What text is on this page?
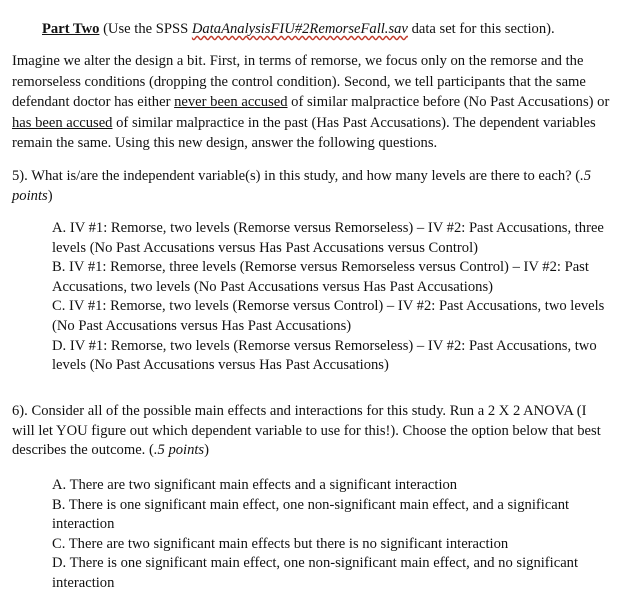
Part Two (Use the SPSS DataAnalysisFIU#2RemorseFall.sav data set for this section).
Imagine we alter the design a bit. First, in terms of remorse, we focus only on the remorse and the remorseless conditions (dropping the control condition). Second, we tell participants that the same defendant doctor has either never been accused of similar malpractice before (No Past Accusations) or has been accused of similar malpractice in the past (Has Past Accusations). The dependent variables remain the same. Using this new design, answer the following questions.
5). What is/are the independent variable(s) in this study, and how many levels are there to each? (.5 points)

A. IV #1: Remorse, two levels (Remorse versus Remorseless) – IV #2: Past Accusations, three levels (No Past Accusations versus Has Past Accusations versus Control)

B. IV #1: Remorse, three levels (Remorse versus Remorseless versus Control) – IV #2: Past Accusations, two levels (No Past Accusations versus Has Past Accusations)

C. IV #1: Remorse, two levels (Remorse versus Control) – IV #2: Past Accusations, two levels (No Past Accusations versus Has Past Accusations)

D. IV #1: Remorse, two levels (Remorse versus Remorseless) – IV #2: Past Accusations, two levels (No Past Accusations versus Has Past Accusations)

6). Consider all of the possible main effects and interactions for this study. Run a 2 X 2 ANOVA (I will let YOU figure out which dependent variable to use for this!). Choose the option below that best describes the outcome. (.5 points)

A. There are two significant main effects and a significant interaction

B. There is one significant main effect, one non-significant main effect, and a significant interaction

C. There are two significant main effects but there is no significant interaction

D. There is one significant main effect, one non-significant main effect, and no significant interaction
